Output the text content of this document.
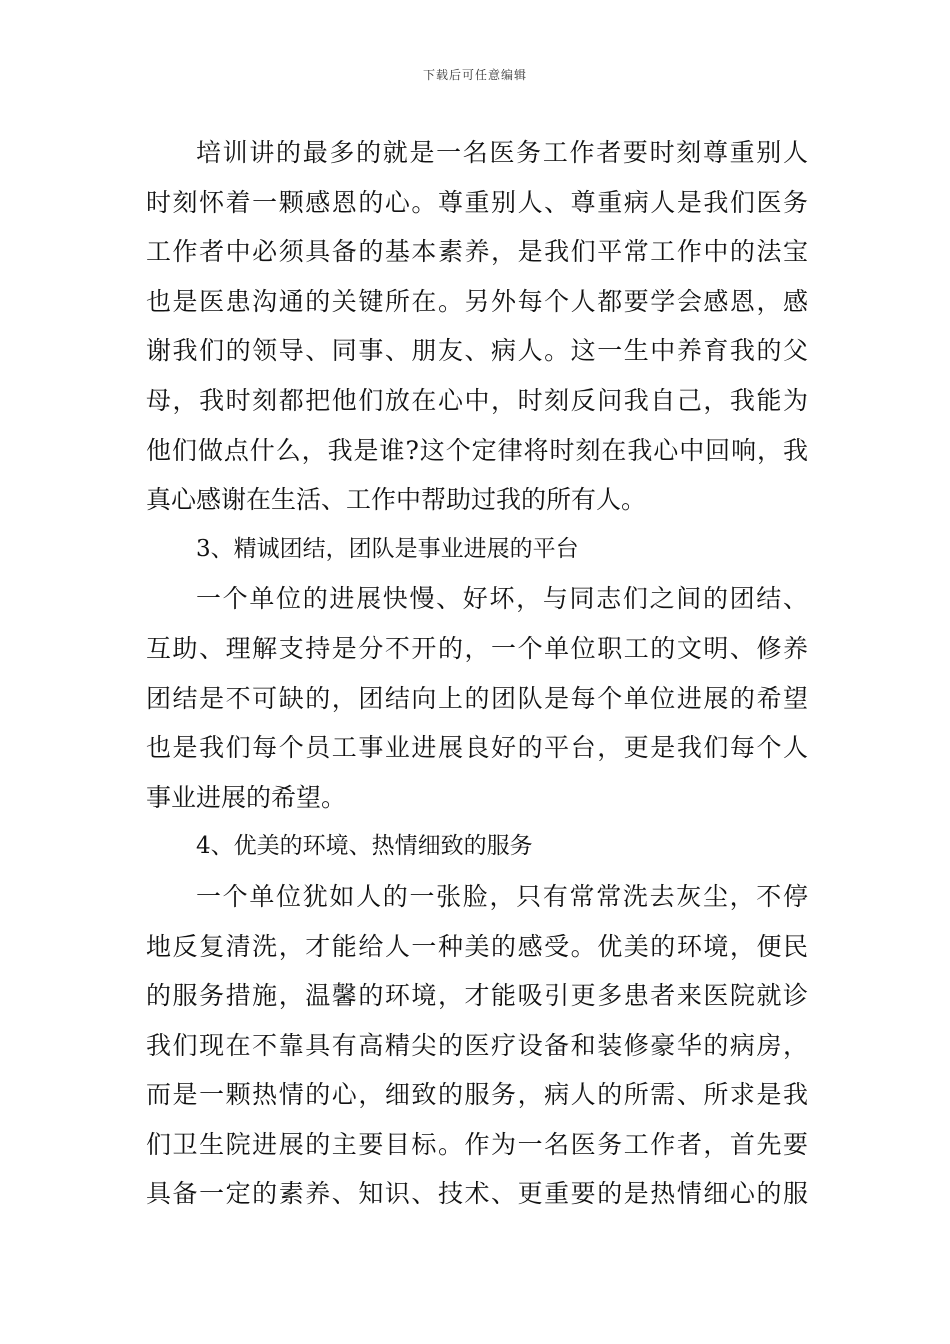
下载后可任意编辑
培训讲的最多的就是一名医务工作者要时刻尊重别人
时刻怀着一颗感恩的心。尊重别人、尊重病人是我们医务
工作者中必须具备的基本素养，是我们平常工作中的法宝
也是医患沟通的关键所在。另外每个人都要学会感恩，感
谢我们的领导、同事、朋友、病人。这一生中养育我的父
母，我时刻都把他们放在心中，时刻反问我自己，我能为
他们做点什么，我是谁?这个定律将时刻在我心中回响，我
真心感谢在生活、工作中帮助过我的所有人。
3、精诚团结，团队是事业进展的平台
一个单位的进展快慢、好坏，与同志们之间的团结、
互助、理解支持是分不开的，一个单位职工的文明、修养
团结是不可缺的，团结向上的团队是每个单位进展的希望
也是我们每个员工事业进展良好的平台，更是我们每个人
事业进展的希望。
4、优美的环境、热情细致的服务
一个单位犹如人的一张脸，只有常常洗去灰尘，不停
地反复清洗，才能给人一种美的感受。优美的环境，便民
的服务措施，温馨的环境，才能吸引更多患者来医院就诊
我们现在不靠具有高精尖的医疗设备和装修豪华的病房，
而是一颗热情的心，细致的服务，病人的所需、所求是我
们卫生院进展的主要目标。作为一名医务工作者，首先要
具备一定的素养、知识、技术、更重要的是热情细心的服
